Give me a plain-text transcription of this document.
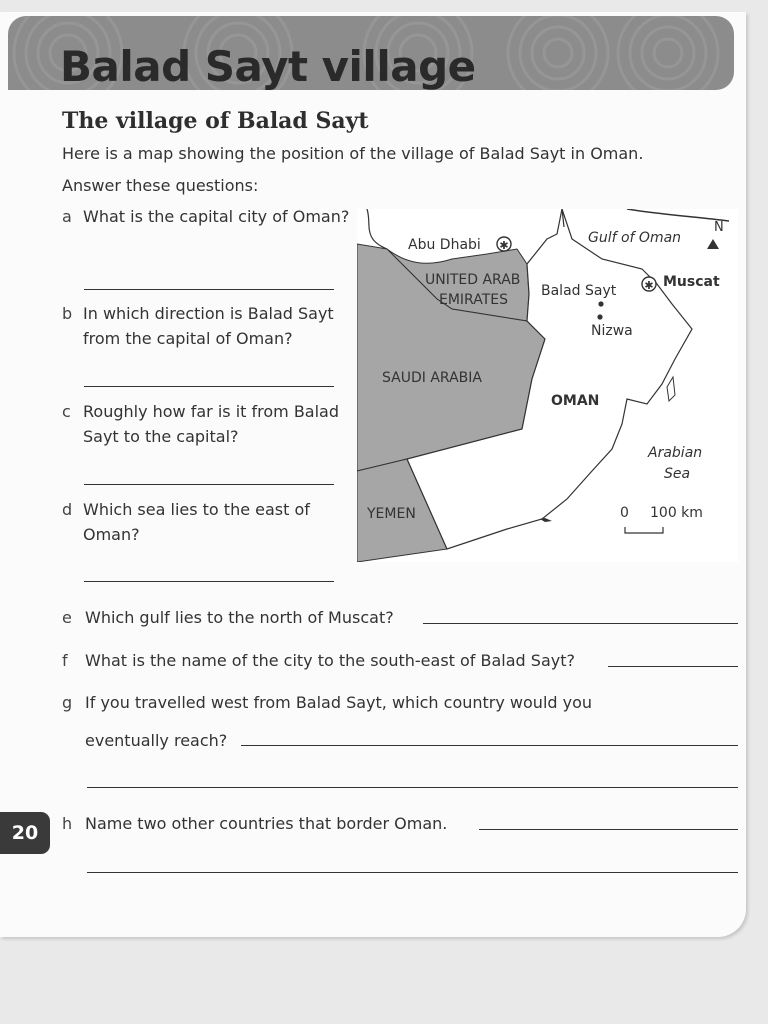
Balad Sayt village
The village of Balad Sayt
Here is a map showing the position of the village of Balad Sayt in Oman.
Answer these questions:
a What is the capital city of Oman?
b In which direction is Balad Sayt from the capital of Oman?
c Roughly how far is it from Balad Sayt to the capital?
d Which sea lies to the east of Oman?
✱
✱
Abu Dhabi	Gulf of Oman
N
UNITED ARAB
EMIRATES
Balad Sayt
Muscat
Nizwa
SAUDI ARABIA
OMAN
Arabian
Sea
YEMEN	0 100 km
e Which gulf lies to the north of Muscat?
f What is the name of the city to the south-east of Balad Sayt?
g If you travelled west from Balad Sayt, which country would you
eventually reach?
20	h Name two other countries that border Oman.
